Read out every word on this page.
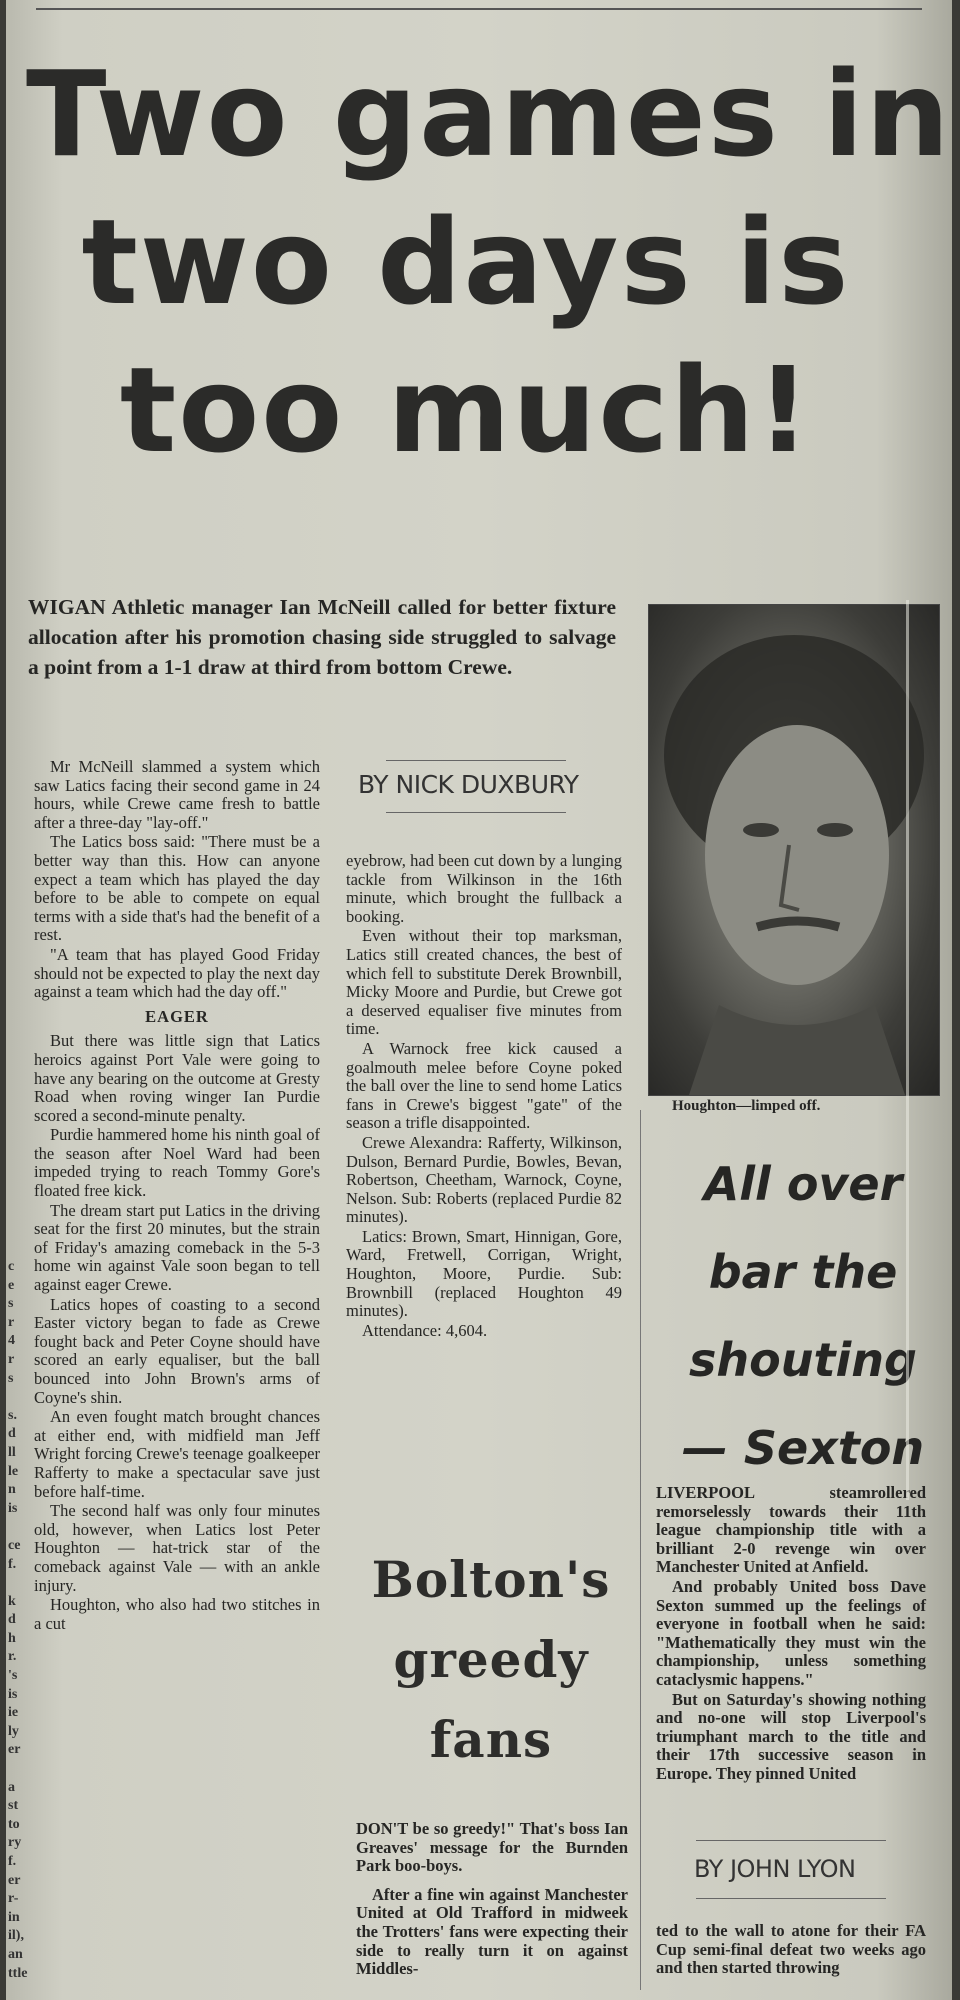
Two games in
two days is
too much!
c
e
s
r
4
r
s
s.
d
ll
le
n
is
ce
f.
k
d
h
r.
's
is
ie
ly
er
a
st
to
ry
f.
er
r-
in
il),
an
ttle

WIGAN Athletic manager Ian McNeill called for better fixture allocation after his promotion chasing side struggled to salvage a point from a 1-1 draw at third from bottom Crewe.

Mr McNeill slammed a system which saw Latics facing their second game in 24 hours, while Crewe came fresh to battle after a three-day "lay-off."

The Latics boss said: "There must be a better way than this. How can anyone expect a team which has played the day before to be able to compete on equal terms with a side that's had the benefit of a rest.

"A team that has played Good Friday should not be expected to play the next day against a team which had the day off."

EAGER

But there was little sign that Latics heroics against Port Vale were going to have any bearing on the outcome at Gresty Road when roving winger Ian Purdie scored a second-minute penalty.

Purdie hammered home his ninth goal of the season after Noel Ward had been impeded trying to reach Tommy Gore's floated free kick.

The dream start put Latics in the driving seat for the first 20 minutes, but the strain of Friday's amazing comeback in the 5-3 home win against Vale soon began to tell against eager Crewe.

Latics hopes of coasting to a second Easter victory began to fade as Crewe fought back and Peter Coyne should have scored an early equaliser, but the ball bounced into John Brown's arms of Coyne's shin.

An even fought match brought chances at either end, with midfield man Jeff Wright forcing Crewe's teenage goalkeeper Rafferty to make a spectacular save just before half-time.

The second half was only four minutes old, however, when Latics lost Peter Houghton — hat-trick star of the comeback against Vale — with an ankle injury.

Houghton, who also had two stitches in a cut

BY NICK DUXBURY

eyebrow, had been cut down by a lunging tackle from Wilkinson in the 16th minute, which brought the fullback a booking.

Even without their top marksman, Latics still created chances, the best of which fell to substitute Derek Brownbill, Micky Moore and Purdie, but Crewe got a deserved equaliser five minutes from time.

A Warnock free kick caused a goalmouth melee before Coyne poked the ball over the line to send home Latics fans in Crewe's biggest "gate" of the season a trifle disappointed.

Crewe Alexandra: Rafferty, Wilkinson, Dulson, Bernard Purdie, Bowles, Bevan, Robertson, Cheetham, Warnock, Coyne, Nelson. Sub: Roberts (replaced Purdie 82 minutes).

Latics: Brown, Smart, Hinnigan, Gore, Ward, Fretwell, Corrigan, Wright, Houghton, Moore, Purdie. Sub: Brownbill (replaced Houghton 49 minutes).

Attendance: 4,604.

Houghton—limped off.
All over
bar the
shouting
— Sexton

LIVERPOOL steamrollered remorselessly towards their 11th league championship title with a brilliant 2-0 revenge win over Manchester United at Anfield.

And probably United boss Dave Sexton summed up the feelings of everyone in football when he said: "Mathematically they must win the championship, unless something cataclysmic happens."

But on Saturday's showing nothing and no-one will stop Liverpool's triumphant march to the title and their 17th successive season in Europe. They pinned United

BY JOHN LYON

ted to the wall to atone for their FA Cup semi-final defeat two weeks ago and then started throwing

Bolton's
greedy
fans

DON'T be so greedy!" That's boss Ian Greaves' message for the Burnden Park boo-boys.

After a fine win against Manchester United at Old Trafford in midweek the Trotters' fans were expecting their side to really turn it on against Middles-
